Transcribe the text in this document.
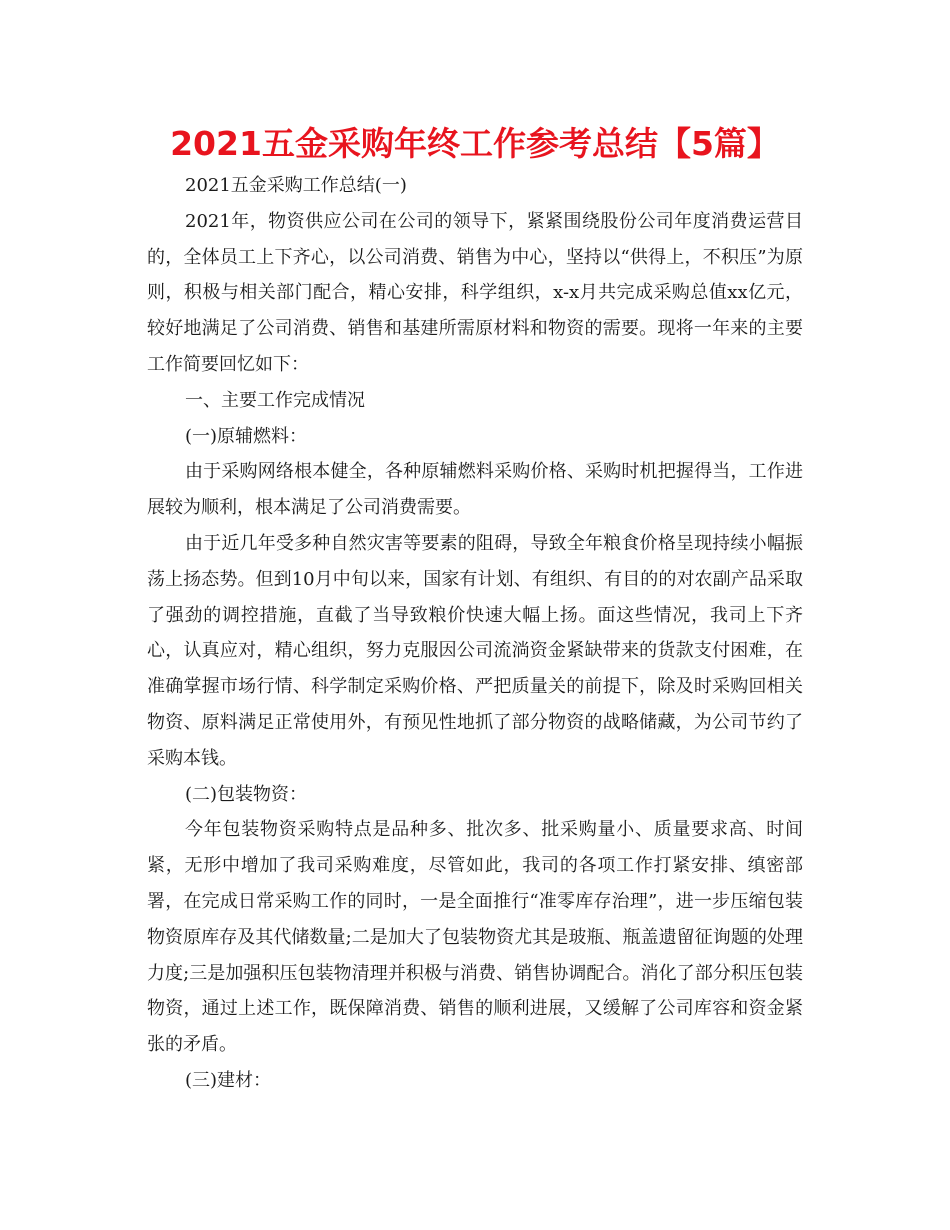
2021五金采购年终工作参考总结【5篇】

2021五金采购工作总结(一)

2021年，物资供应公司在公司的领导下，紧紧围绕股份公司年度消费运营目的，全体员工上下齐心，以公司消费、销售为中心，坚持以“供得上，不积压”为原则，积极与相关部门配合，精心安排，科学组织，x-x月共完成采购总值xx亿元，较好地满足了公司消费、销售和基建所需原材料和物资的需要。现将一年来的主要工作简要回忆如下：

一、主要工作完成情况

(一)原辅燃料：

由于采购网络根本健全，各种原辅燃料采购价格、采购时机把握得当，工作进展较为顺利，根本满足了公司消费需要。

由于近几年受多种自然灾害等要素的阻碍，导致全年粮食价格呈现持续小幅振荡上扬态势。但到10月中旬以来，国家有计划、有组织、有目的的对农副产品采取了强劲的调控措施，直截了当导致粮价快速大幅上扬。面这些情况，我司上下齐心，认真应对，精心组织，努力克服因公司流淌资金紧缺带来的货款支付困难，在准确掌握市场行情、科学制定采购价格、严把质量关的前提下，除及时采购回相关物资、原料满足正常使用外，有预见性地抓了部分物资的战略储藏，为公司节约了采购本钱。

(二)包装物资：

今年包装物资采购特点是品种多、批次多、批采购量小、质量要求高、时间紧，无形中增加了我司采购难度，尽管如此，我司的各项工作打紧安排、缜密部署，在完成日常采购工作的同时，一是全面推行“准零库存治理”，进一步压缩包装物资原库存及其代储数量;二是加大了包装物资尤其是玻瓶、瓶盖遗留征询题的处理力度;三是加强积压包装物清理并积极与消费、销售协调配合。消化了部分积压包装物资，通过上述工作，既保障消费、销售的顺利进展，又缓解了公司库容和资金紧张的矛盾。

(三)建材：
